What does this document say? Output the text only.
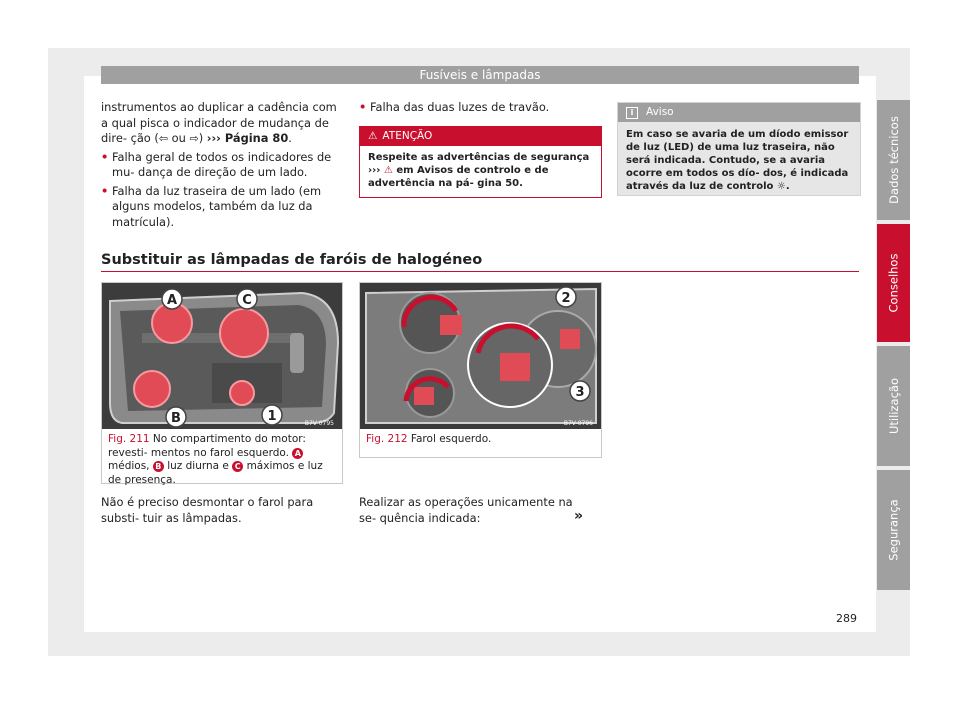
Fusíveis e lâmpadas

instrumentos ao duplicar a cadência com a qual pisca o indicador de mudança de dire- ção (⇦ ou ⇨) ››› Página 80.

• Falha geral de todos os indicadores de mu- dança de direção de um lado.
• Falha da luz traseira de um lado (em alguns modelos, também da luz da matrícula).
• Falha das duas luzes de travão.
⚠ ATENÇÃO
Respeite as advertências de segurança ››› ⚠ em Avisos de controlo e de advertência na pá- gina 50.
i	Aviso
Em caso se avaria de um díodo emissor de luz (LED) de uma luz traseira, não será indicada. Contudo, se a avaria ocorre em todos os dío- dos, é indicada através da luz de controlo ☼.
Substituir as lâmpadas de faróis de halogéneo
A	C
B	1	B7V-0795
Fig. 211 No compartimento do motor: revesti- mentos no farol esquerdo. A médios, B luz diurna e C máximos e luz de presença.
2
3
B7V-0796
Fig. 212 Farol esquerdo.
Não é preciso desmontar o farol para substi- tuir as lâmpadas.
Realizar as operações unicamente na se- quência indicada:	»
Dados técnicos
Conselhos
Utilização
Segurança
289
